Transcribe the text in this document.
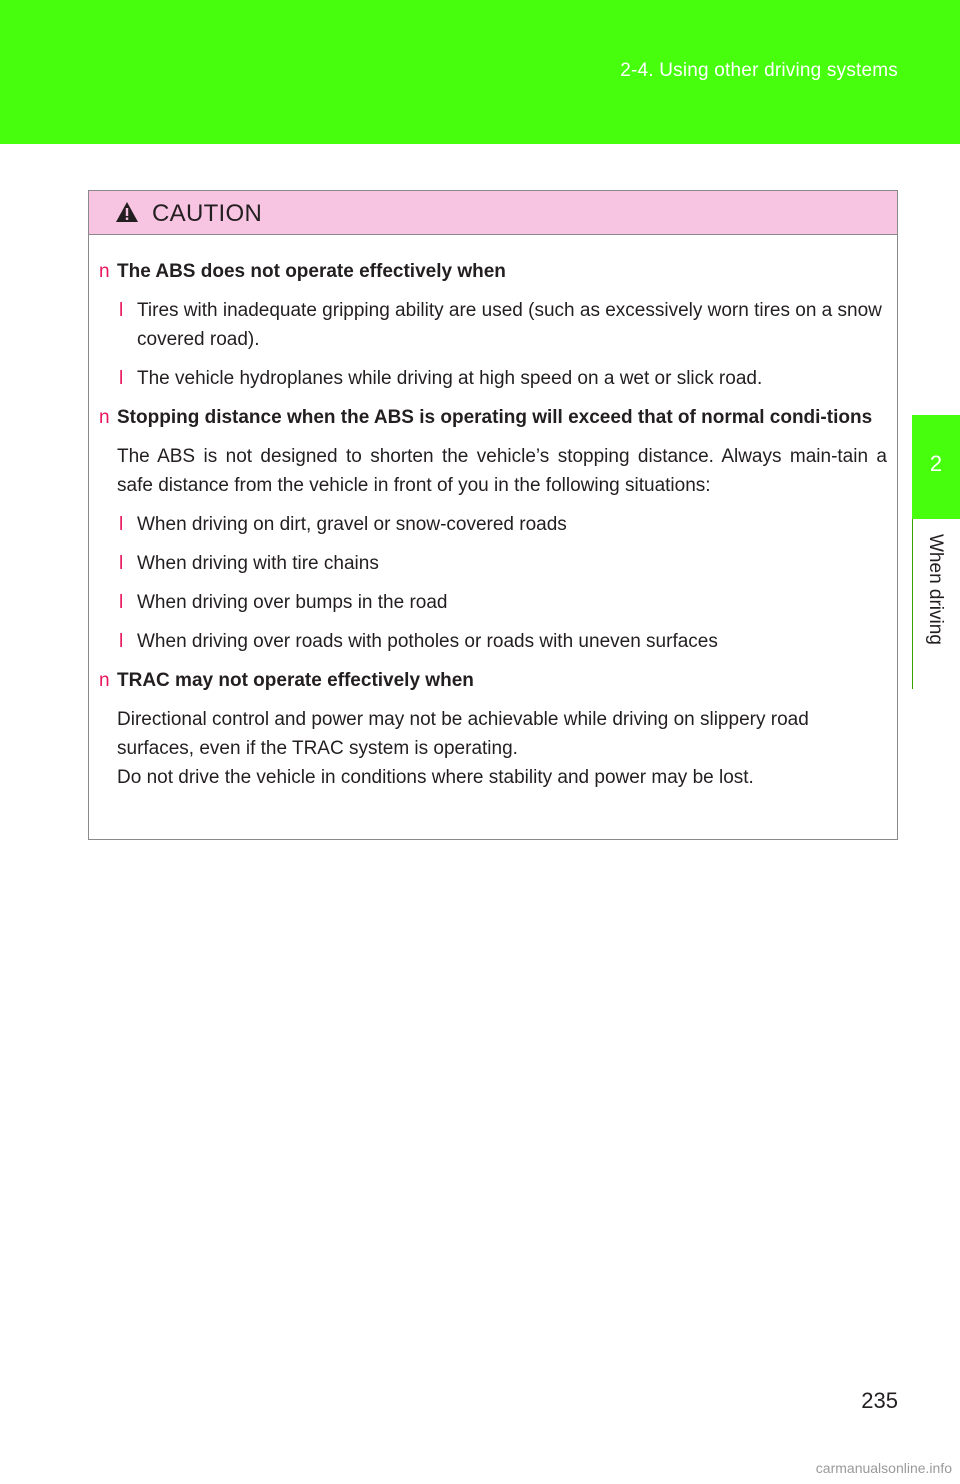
2-4. Using other driving systems
2
When driving
CAUTION
n The ABS does not operate effectively when
l Tires with inadequate gripping ability are used (such as excessively worn tires on a snow covered road).
l The vehicle hydroplanes while driving at high speed on a wet or slick road.
n Stopping distance when the ABS is operating will exceed that of normal condi-tions
The ABS is not designed to shorten the vehicle’s stopping distance. Always main-tain a safe distance from the vehicle in front of you in the following situations:
l When driving on dirt, gravel or snow-covered roads
l When driving with tire chains
l When driving over bumps in the road
l When driving over roads with potholes or roads with uneven surfaces
n TRAC may not operate effectively when
Directional control and power may not be achievable while driving on slippery road surfaces, even if the TRAC system is operating.
Do not drive the vehicle in conditions where stability and power may be lost.
235
carmanualsonline.info
